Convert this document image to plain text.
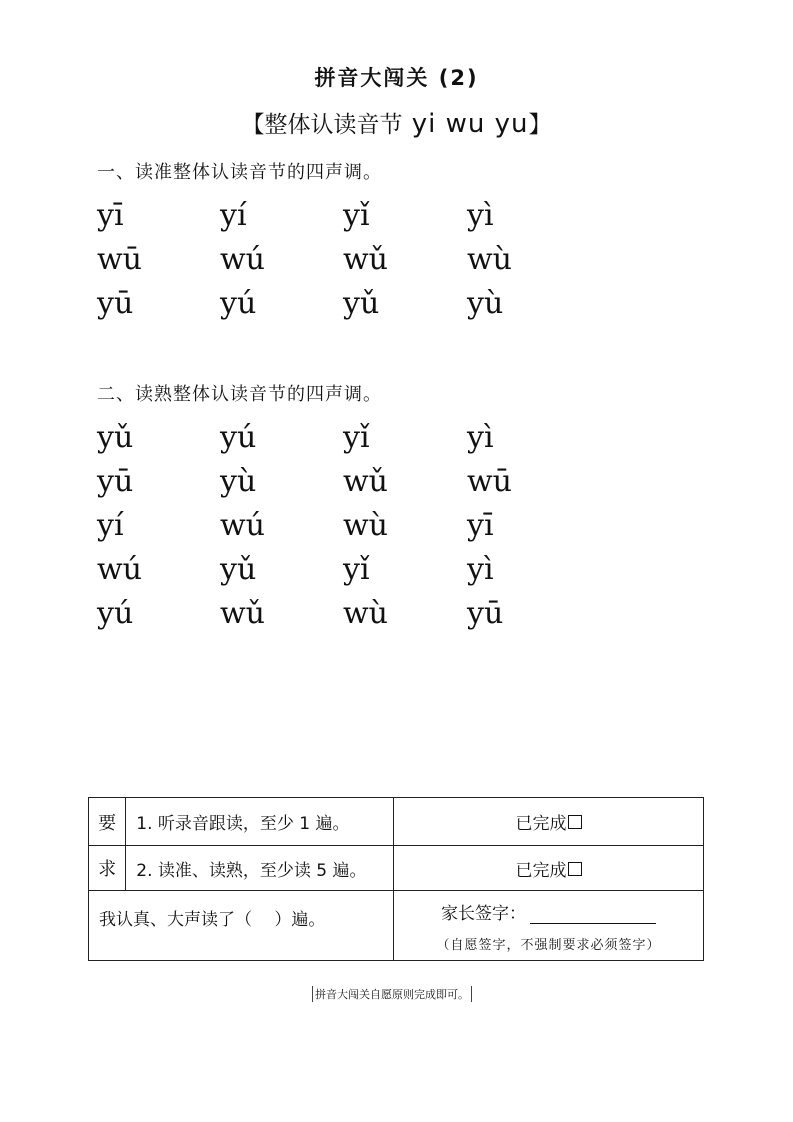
拼音大闯关 (2)
【整体认读音节 yi wu yu】
一、读准整体认读音节的四声调。
yī	yí	yǐ	yì
wū	wú	wǔ	wù
yū	yú	yǔ	yù
二、读熟整体认读音节的四声调。
yǔ	yú	yǐ	yì
yū	yù	wǔ	wū
yí	wú	wù	yī
wú	yǔ	yǐ	yì
yú	wǔ	wù	yū
要	1. 听录音跟读，至少 1 遍。	已完成
求	2. 读准、读熟，至少读 5 遍。	已完成
我认真、大声读了（　 ）遍。		家长签字：
（自愿签字，不强制要求必须签字）
拼音大闯关自愿原则完成即可。
